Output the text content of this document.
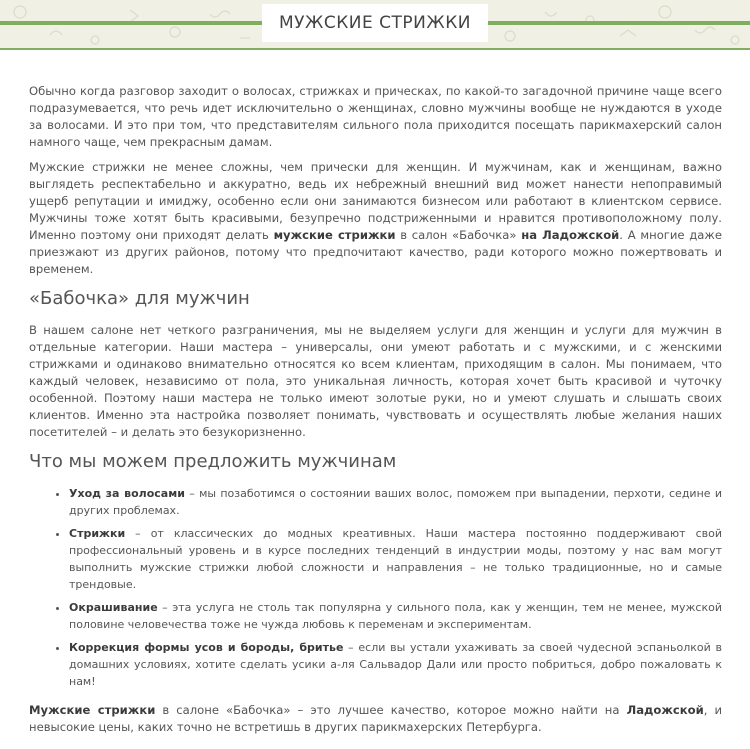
МУЖСКИЕ СТРИЖКИ

Обычно когда разговор заходит о волосах, стрижках и прическах, по какой-то загадочной причине чаще всего подразумевается, что речь идет исключительно о женщинах, словно мужчины вообще не нуждаются в уходе за волосами. И это при том, что представителям сильного пола приходится посещать парикмахерский салон намного чаще, чем прекрасным дамам.

Мужские стрижки не менее сложны, чем прически для женщин. И мужчинам, как и женщинам, важно выглядеть респектабельно и аккуратно, ведь их небрежный внешний вид может нанести непоправимый ущерб репутации и имиджу, особенно если они занимаются бизнесом или работают в клиентском сервисе. Мужчины тоже хотят быть красивыми, безупречно подстриженными и нравится противоположному полу. Именно поэтому они приходят делать мужские стрижки в салон «Бабочка» на Ладожской. А многие даже приезжают из других районов, потому что предпочитают качество, ради которого можно пожертвовать и временем.

«Бабочка» для мужчин

В нашем салоне нет четкого разграничения, мы не выделяем услуги для женщин и услуги для мужчин в отдельные категории. Наши мастера – универсалы, они умеют работать и с мужскими, и с женскими стрижками и одинаково внимательно относятся ко всем клиентам, приходящим в салон. Мы понимаем, что каждый человек, независимо от пола, это уникальная личность, которая хочет быть красивой и чуточку особенной. Поэтому наши мастера не только имеют золотые руки, но и умеют слушать и слышать своих клиентов. Именно эта настройка позволяет понимать, чувствовать и осуществлять любые желания наших посетителей – и делать это безукоризненно.

Что мы можем предложить мужчинам
• Уход за волосами – мы позаботимся о состоянии ваших волос, поможем при выпадении, перхоти, седине и других проблемах.
• Стрижки – от классических до модных креативных. Наши мастера постоянно поддерживают свой профессиональный уровень и в курсе последних тенденций в индустрии моды, поэтому у нас вам могут выполнить мужские стрижки любой сложности и направления – не только традиционные, но и самые трендовые.
• Окрашивание – эта услуга не столь так популярна у сильного пола, как у женщин, тем не менее, мужской половине человечества тоже не чужда любовь к переменам и экспериментам.
• Коррекция формы усов и бороды, бритье – если вы устали ухаживать за своей чудесной эспаньолкой в домашних условиях, хотите сделать усики а-ля Сальвадор Дали или просто побриться, добро пожаловать к нам!

Мужские стрижки в салоне «Бабочка» – это лучшее качество, которое можно найти на Ладожской, и невысокие цены, каких точно не встретишь в других парикмахерских Петербурга.
